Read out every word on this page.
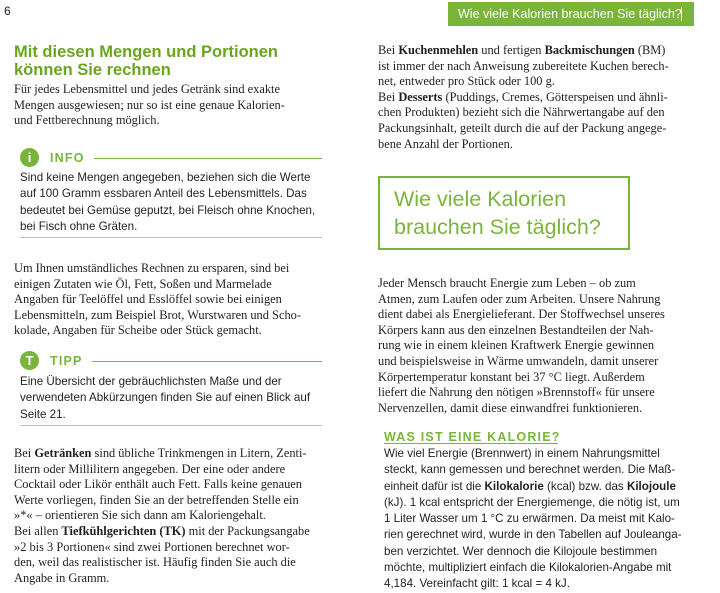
6
Mit diesen Mengen und Portionen
können Sie rechnen

Für jedes Lebensmittel und jedes Getränk sind exakte

Mengen ausgewiesen; nur so ist eine genaue Kalorien-

und Fettberechnung möglich.

i	INFO

Sind keine Mengen angegeben, beziehen sich die Werte

auf 100 Gramm essbaren Anteil des Lebensmittels. Das

bedeutet bei Gemüse geputzt, bei Fleisch ohne Knochen,

bei Fisch ohne Gräten.

Um Ihnen umständliches Rechnen zu ersparen, sind bei

einigen Zutaten wie Öl, Fett, Soßen und Marmelade

Angaben für Teelöffel und Esslöffel sowie bei einigen

Lebensmitteln, zum Beispiel Brot, Wurstwaren und Scho-

kolade, Angaben für Scheibe oder Stück gemacht.

T	TIPP

Eine Übersicht der gebräuchlichsten Maße und der

verwendeten Abkürzungen finden Sie auf einen Blick auf

Seite 21.

Bei Getränken sind übliche Trinkmengen in Litern, Zenti-

litern oder Millilitern angegeben. Der eine oder andere

Cocktail oder Likör enthält auch Fett. Falls keine genauen

Werte vorliegen, finden Sie an der betreffenden Stelle ein

»*« – orientieren Sie sich dann am Kaloriengehalt.

Bei allen Tiefkühlgerichten (TK) mit der Packungsangabe

»2 bis 3 Portionen« sind zwei Portionen berechnet wor-

den, weil das realistischer ist. Häufig finden Sie auch die

Angabe in Gramm.

Wie viele Kalorien brauchen Sie täglich? 7

Bei Kuchenmehlen und fertigen Backmischungen (BM)

ist immer der nach Anweisung zubereitete Kuchen berech-

net, entweder pro Stück oder 100 g.

Bei Desserts (Puddings, Cremes, Götterspeisen und ähnli-

chen Produkten) bezieht sich die Nährwertangabe auf den

Packungsinhalt, geteilt durch die auf der Packung angege-

bene Anzahl der Portionen.

Wie viele Kalorien
brauchen Sie täglich?

Jeder Mensch braucht Energie zum Leben – ob zum

Atmen, zum Laufen oder zum Arbeiten. Unsere Nahrung

dient dabei als Energielieferant. Der Stoffwechsel unseres

Körpers kann aus den einzelnen Bestandteilen der Nah-

rung wie in einem kleinen Kraftwerk Energie gewinnen

und beispielsweise in Wärme umwandeln, damit unserer

Körpertemperatur konstant bei 37 °C liegt. Außerdem

liefert die Nahrung den nötigen »Brennstoff« für unsere

Nervenzellen, damit diese einwandfrei funktionieren.

WAS IST EINE KALORIE?

Wie viel Energie (Brennwert) in einem Nahrungsmittel

steckt, kann gemessen und berechnet werden. Die Maß-

einheit dafür ist die Kilokalorie (kcal) bzw. das Kilojoule

(kJ). 1 kcal entspricht der Energiemenge, die nötig ist, um

1 Liter Wasser um 1 °C zu erwärmen. Da meist mit Kalo-

rien gerechnet wird, wurde in den Tabellen auf Jouleanga-

ben verzichtet. Wer dennoch die Kilojoule bestimmen

möchte, multipliziert einfach die Kilokalorien-Angabe mit

4,184. Vereinfacht gilt: 1 kcal = 4 kJ.
